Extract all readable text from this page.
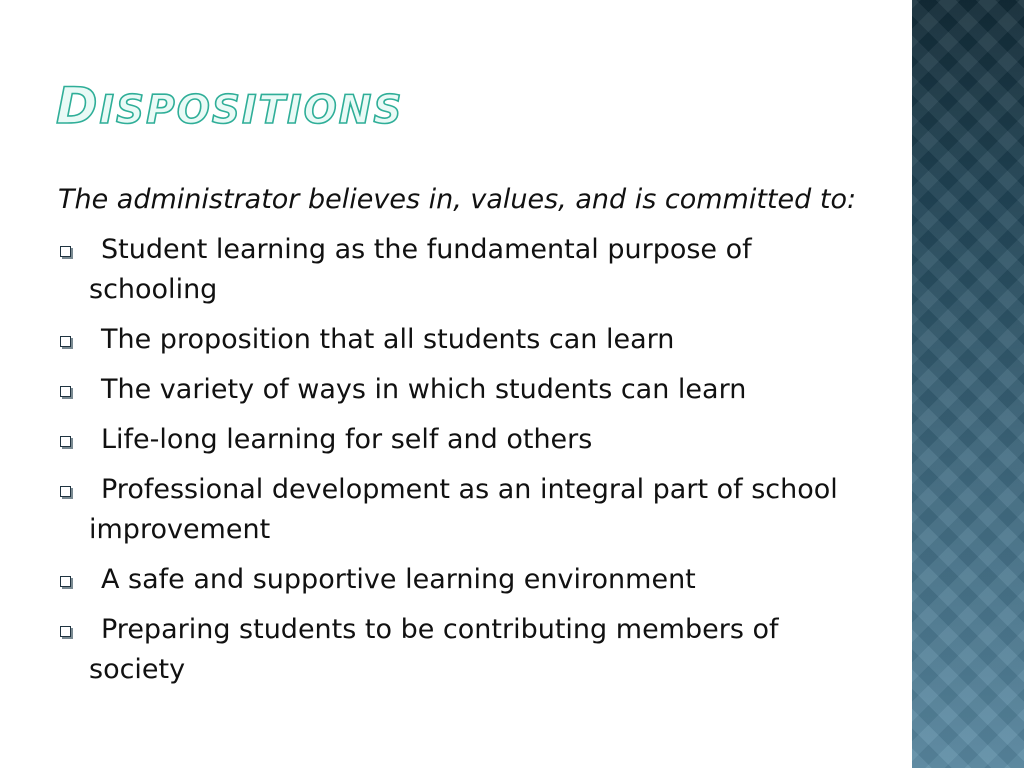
DISPOSITIONS

The administrator believes in, values, and is committed to:

Student learning as the fundamental purpose of schooling
The proposition that all students can learn
The variety of ways in which students can learn
Life-long learning for self and others
Professional development as an integral part of school improvement
A safe and supportive learning environment
Preparing students to be contributing members of society
